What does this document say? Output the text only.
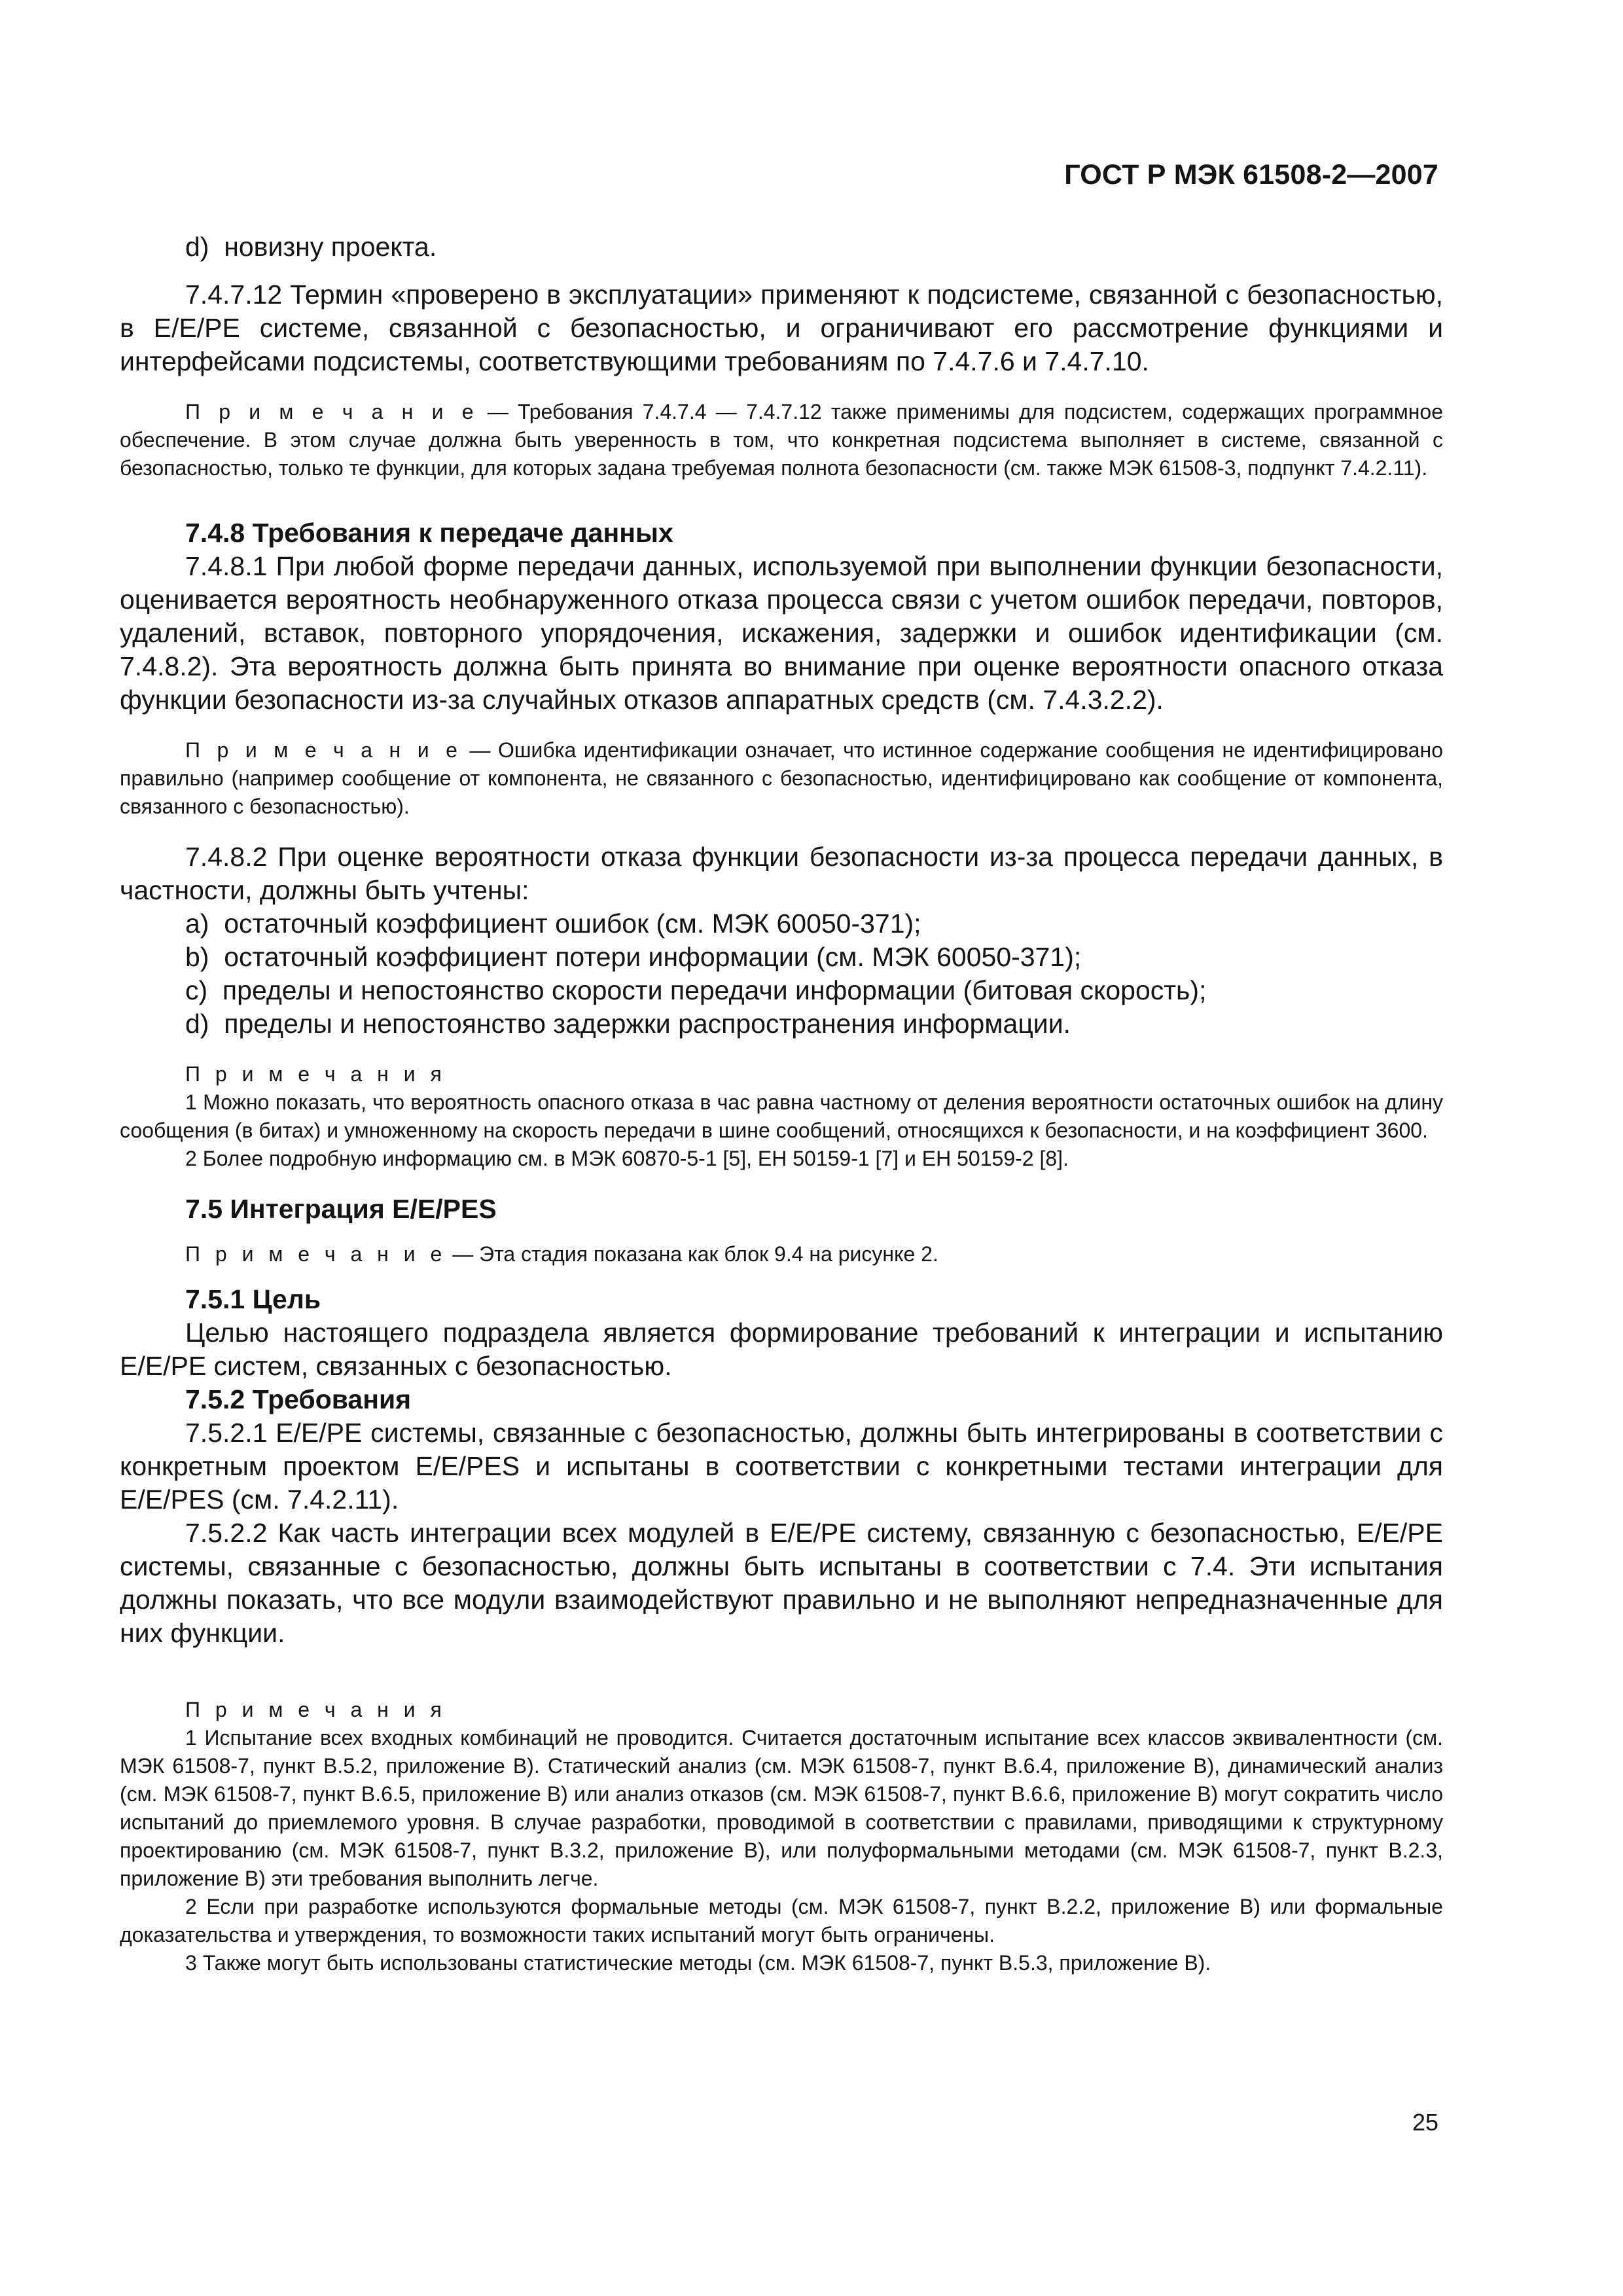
ГОСТ Р МЭК 61508-2—2007

d)  новизну проекта.

7.4.7.12 Термин «проверено в эксплуатации» применяют к подсистеме, связанной с безопасностью, в E/E/PE системе, связанной с безопасностью, и ограничивают его рассмотрение функциями и интерфейсами подсистемы, соответствующими требованиям по 7.4.7.6 и 7.4.7.10.

П р и м е ч а н и е — Требования 7.4.7.4 — 7.4.7.12 также применимы для подсистем, содержащих программное обеспечение. В этом случае должна быть уверенность в том, что конкретная подсистема выполняет в системе, связанной с безопасностью, только те функции, для которых задана требуемая полнота безопасности (см. также МЭК 61508-3, подпункт 7.4.2.11).

7.4.8 Требования к передаче данных

7.4.8.1 При любой форме передачи данных, используемой при выполнении функции безопасности, оценивается вероятность необнаруженного отказа процесса связи с учетом ошибок передачи, повторов, удалений, вставок, повторного упорядочения, искажения, задержки и ошибок идентификации (см. 7.4.8.2). Эта вероятность должна быть принята во внимание при оценке вероятности опасного отказа функции безопасности из-за случайных отказов аппаратных средств (см. 7.4.3.2.2).

П р и м е ч а н и е — Ошибка идентификации означает, что истинное содержание сообщения не идентифицировано правильно (например сообщение от компонента, не связанного с безопасностью, идентифицировано как сообщение от компонента, связанного с безопасностью).

7.4.8.2 При оценке вероятности отказа функции безопасности из-за процесса передачи данных, в частности, должны быть учтены:

a)  остаточный коэффициент ошибок (см. МЭК 60050-371);

b)  остаточный коэффициент потери информации (см. МЭК 60050-371);

c)  пределы и непостоянство скорости передачи информации (битовая скорость);

d)  пределы и непостоянство задержки распространения информации.

П р и м е ч а н и я

1 Можно показать, что вероятность опасного отказа в час равна частному от деления вероятности остаточных ошибок на длину сообщения (в битах) и умноженному на скорость передачи в шине сообщений, относящихся к безопасности, и на коэффициент 3600.

2 Более подробную информацию см. в МЭК 60870-5-1 [5], ЕН 50159-1 [7] и ЕН 50159-2 [8].

7.5 Интеграция E/E/PES

П р и м е ч а н и е — Эта стадия показана как блок 9.4 на рисунке 2.

7.5.1 Цель

Целью настоящего подраздела является формирование требований к интеграции и испытанию E/E/PE систем, связанных с безопасностью.

7.5.2 Требования

7.5.2.1 E/E/PE системы, связанные с безопасностью, должны быть интегрированы в соответствии с конкретным проектом E/E/PES и испытаны в соответствии с конкретными тестами интеграции для E/E/PES (см. 7.4.2.11).

7.5.2.2 Как часть интеграции всех модулей в E/E/PE систему, связанную с безопасностью, E/E/PE системы, связанные с безопасностью, должны быть испытаны в соответствии с 7.4. Эти испытания должны показать, что все модули взаимодействуют правильно и не выполняют непредназначенные для них функции.

П р и м е ч а н и я

1 Испытание всех входных комбинаций не проводится. Считается достаточным испытание всех классов эквивалентности (см. МЭК 61508-7, пункт В.5.2, приложение В). Статический анализ (см. МЭК 61508-7, пункт В.6.4, приложение В), динамический анализ (см. МЭК 61508-7, пункт В.6.5, приложение В) или анализ отказов (см. МЭК 61508-7, пункт В.6.6, приложение В) могут сократить число испытаний до приемлемого уровня. В случае разработки, проводимой в соответствии с правилами, приводящими к структурному проектированию (см. МЭК 61508-7, пункт В.3.2, приложение В), или полуформальными методами (см. МЭК 61508-7, пункт В.2.3, приложение В) эти требования выполнить легче.

2 Если при разработке используются формальные методы (см. МЭК 61508-7, пункт В.2.2, приложение В) или формальные доказательства и утверждения, то возможности таких испытаний могут быть ограничены.

3 Также могут быть использованы статистические методы (см. МЭК 61508-7, пункт В.5.3, приложение В).

25
